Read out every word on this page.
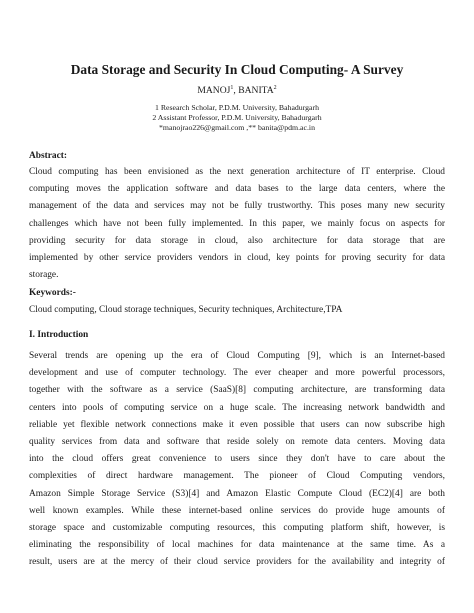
Data Storage and Security In Cloud Computing- A Survey
MANOJ$^1$, BANITA$^2$
1 Research Scholar, P.D.M. University, Bahadurgarh
2 Assistant Professor, P.D.M. University, Bahadurgarh
*manojrao226@gmail.com ,** banita@pdm.ac.in
Abstract:
Cloud computing has been envisioned as the next generation architecture of IT enterprise. Cloud
computing moves the application software and data bases to the large data centers, where the
management of the data and services may not be fully trustworthy. This poses many new security
challenges which have not been fully implemented. In this paper, we mainly focus on aspects for
providing security for data storage in cloud, also architecture for data storage that are
implemented by other service providers vendors in cloud, key points for proving security for data
storage.
Keywords:-
Cloud computing, Cloud storage techniques, Security techniques, Architecture,TPA
I. Introduction
Several trends are opening up the era of Cloud Computing [9], which is an Internet-based
development and use of computer technology. The ever cheaper and more powerful processors,
together with the software as a service (SaaS)[8] computing architecture, are transforming data
centers into pools of computing service on a huge scale. The increasing network bandwidth and
reliable yet flexible network connections make it even possible that users can now subscribe high
quality services from data and software that reside solely on remote data centers. Moving data
into the cloud offers great convenience to users since they don't have to care about the
complexities of direct hardware management. The pioneer of Cloud Computing vendors,
Amazon Simple Storage Service (S3)[4] and Amazon Elastic Compute Cloud (EC2)[4] are both
well known examples. While these internet-based online services do provide huge amounts of
storage space and customizable computing resources, this computing platform shift, however, is
eliminating the responsibility of local machines for data maintenance at the same time. As a
result, users are at the mercy of their cloud service providers for the availability and integrity of
